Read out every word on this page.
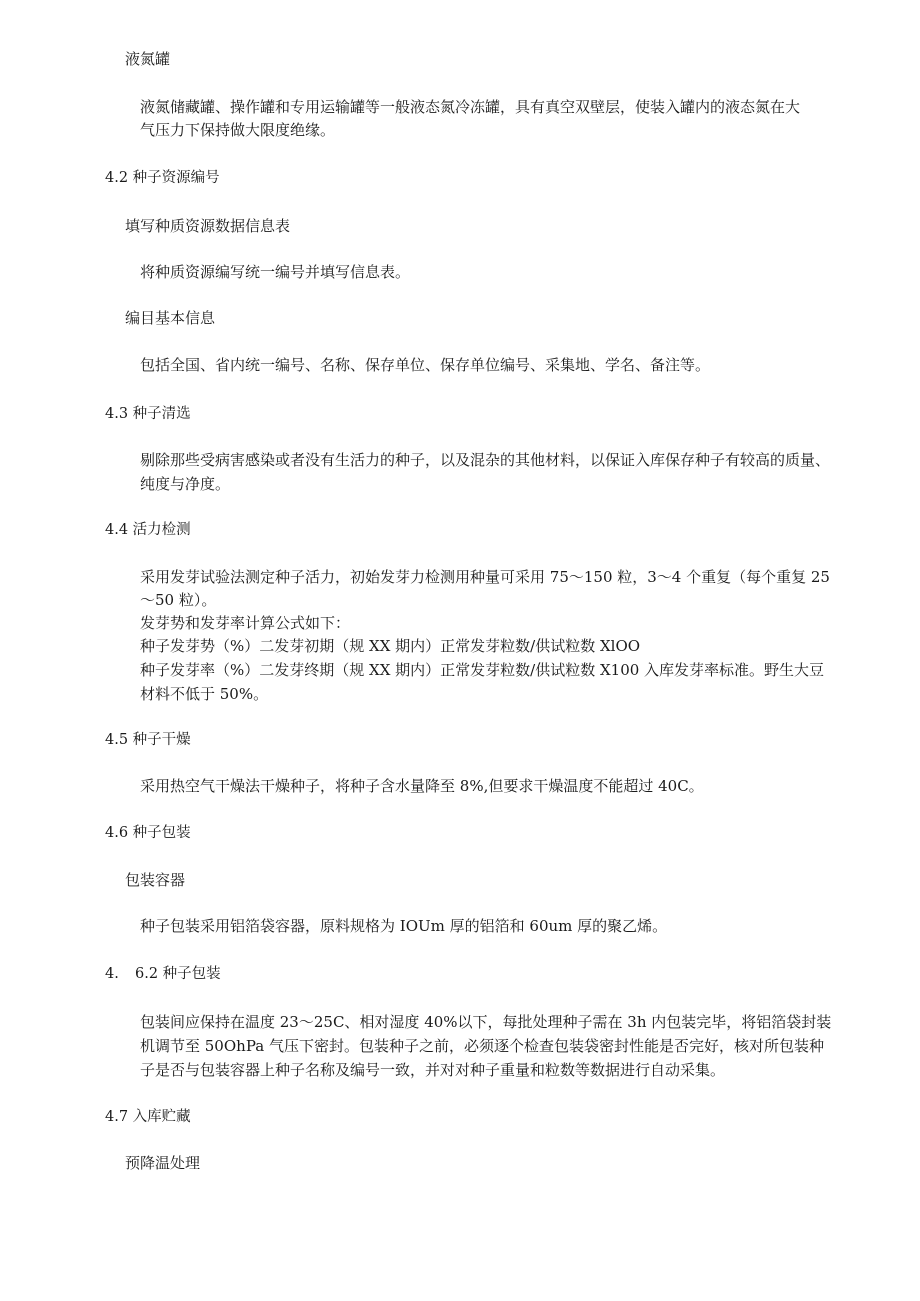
液氮罐
液氮储藏罐、操作罐和专用运输罐等一般液态氮冷冻罐，具有真空双壁层，使装入罐内的液态氮在大
气压力下保持做大限度绝缘。
4.2 种子资源编号
填写种质资源数据信息表
将种质资源编写统一编号并填写信息表。
编目基本信息
包括全国、省内统一编号、名称、保存单位、保存单位编号、采集地、学名、备注等。
4.3 种子清选
剔除那些受病害感染或者没有生活力的种子，以及混杂的其他材料，以保证入库保存种子有较高的质量、
纯度与净度。
4.4 活力检测
采用发芽试验法测定种子活力，初始发芽力检测用种量可采用 75～150 粒，3～4 个重复（每个重复 25
～50 粒）。
发芽势和发芽率计算公式如下：
种子发芽势（%）二发芽初期（规 XX 期内）正常发芽粒数/供试粒数 XlOO
种子发芽率（%）二发芽终期（规 XX 期内）正常发芽粒数/供试粒数 X100 入库发芽率标准。野生大豆
材料不低于 50%。
4.5 种子干燥
采用热空气干燥法干燥种子，将种子含水量降至 8%,但要求干燥温度不能超过 40C。
4.6 种子包装
包装容器
种子包装采用铝箔袋容器，原料规格为 IOUm 厚的铝箔和 60um 厚的聚乙烯。
4. 6.2 种子包装
包装间应保持在温度 23～25C、相对湿度 40%以下，每批处理种子需在 3h 内包装完毕，将铝箔袋封装
机调节至 50OhPa 气压下密封。包装种子之前，必须逐个检查包装袋密封性能是否完好，核对所包装种
子是否与包装容器上种子名称及编号一致，并对对种子重量和粒数等数据进行自动采集。
4.7 入库贮藏
预降温处理
